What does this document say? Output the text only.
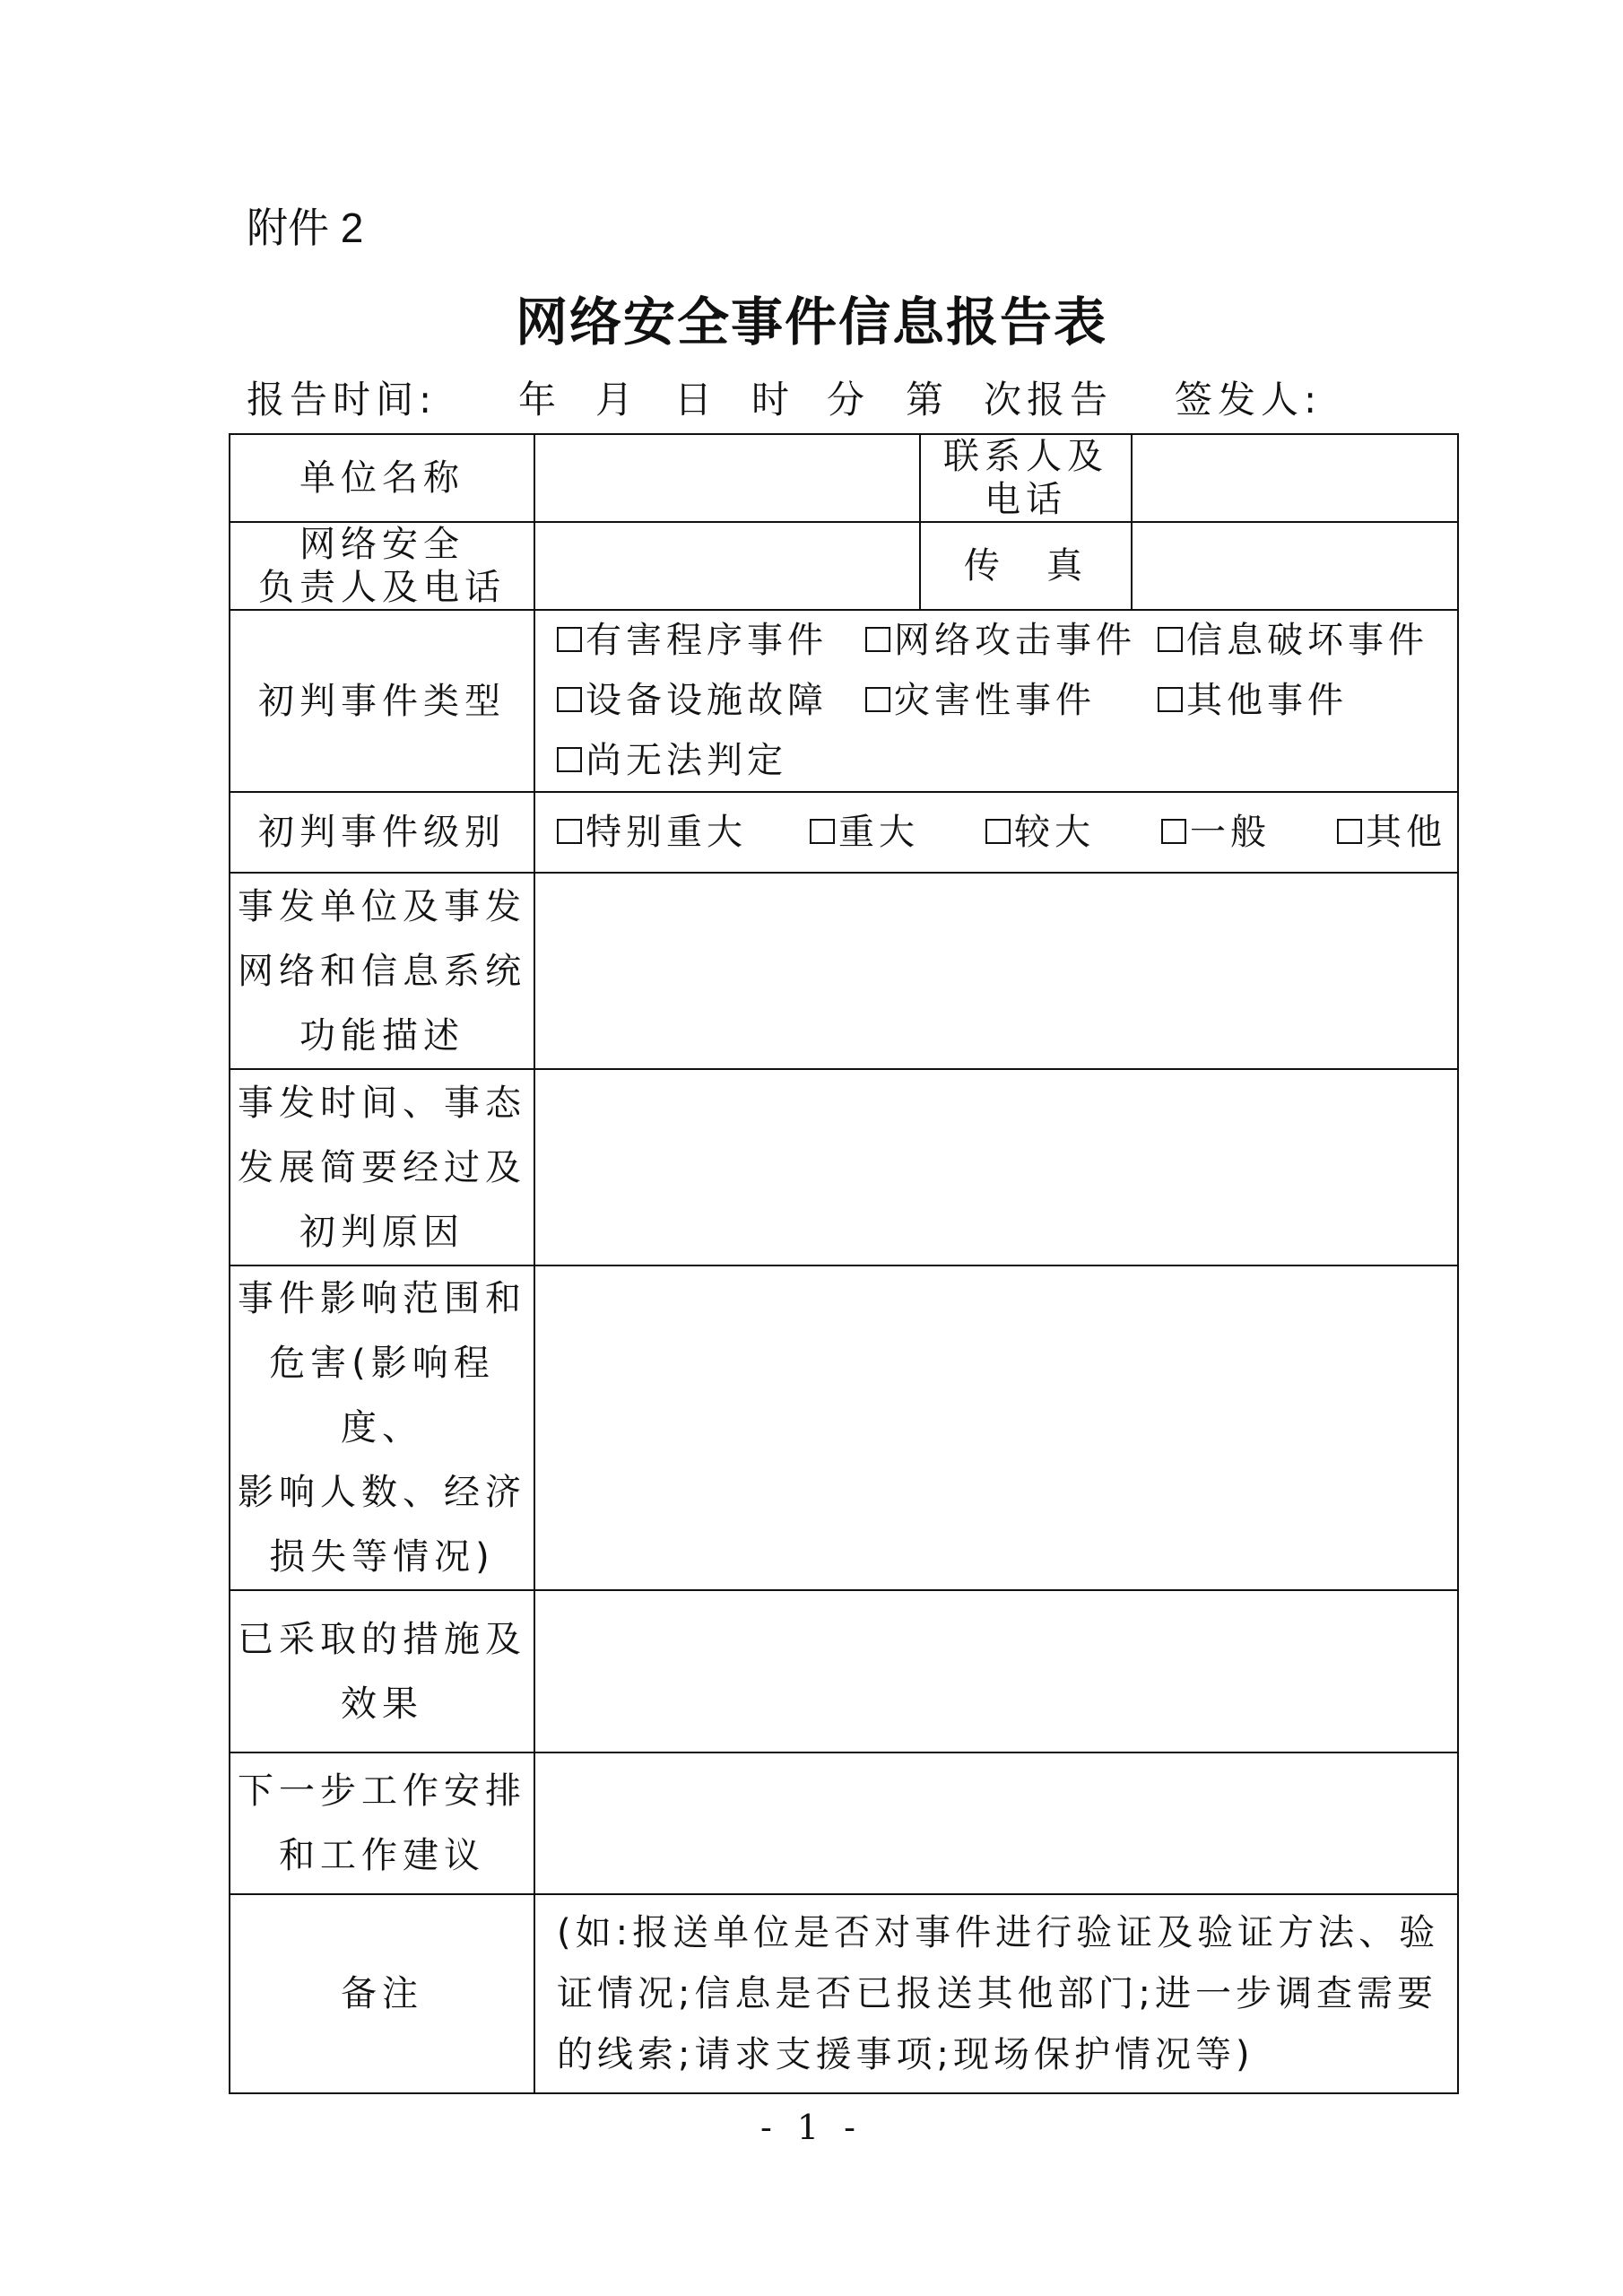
附件 2
网络安全事件信息报告表
报告时间: 年 月 日 时 分 第 次报告 签发人:
单位名称		联系人及
电话	

网络安全
负责人及电话		传　真	
初判事件类型	有害程序事件 网络攻击事件 信息破坏事件
设备设施故障 灾害性事件 其他事件
尚无法判定		

初判事件级别	特别重大 重大 较大 一般 其他		

事发单位及事发
网络和信息系统
功能描述			

事发时间、事态
发展简要经过及
初判原因			

事件影响范围和
危害(影响程度、
影响人数、经济
损失等情况)			

已采取的措施及
效果			

下一步工作安排
和工作建议			

备注	(如:报送单位是否对事件进行验证及验证方法、验
证情况;信息是否已报送其他部门;进一步调查需要
的线索;请求支援事项;现场保护情况等)		
- 1 -
